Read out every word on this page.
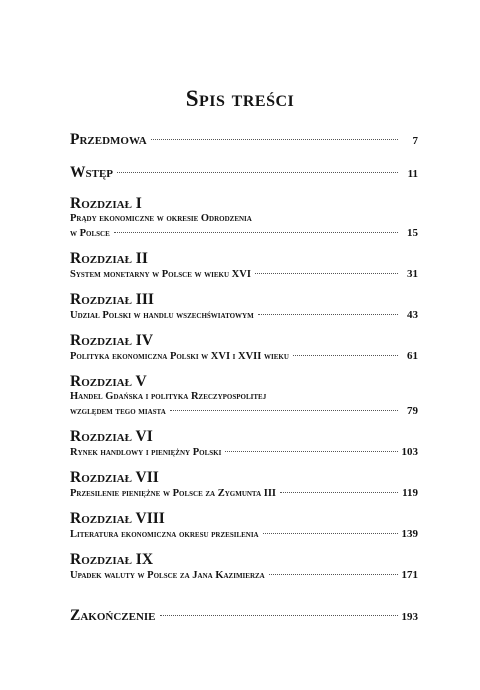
Spis treści
Przedmowa	7
Wstęp	11
Rozdział I
Prądy ekonomiczne w okresie Odrodzenia
w Polsce	15
Rozdział II
System monetarny w Polsce w wieku XVI	31
Rozdział III
Udział Polski w handlu wszechświatowym	43
Rozdział IV
Polityka ekonomiczna Polski w XVI i XVII wieku	61
Rozdział V
Handel Gdańska i polityka Rzeczypospolitej
względem tego miasta	79
Rozdział VI
Rynek handlowy i pieniężny Polski	103
Rozdział VII
Przesilenie pieniężne w Polsce za Zygmunta III	119
Rozdział VIII
Literatura ekonomiczna okresu przesilenia	139
Rozdział IX
Upadek waluty w Polsce za Jana Kazimierza	171
Zakończenie	193
